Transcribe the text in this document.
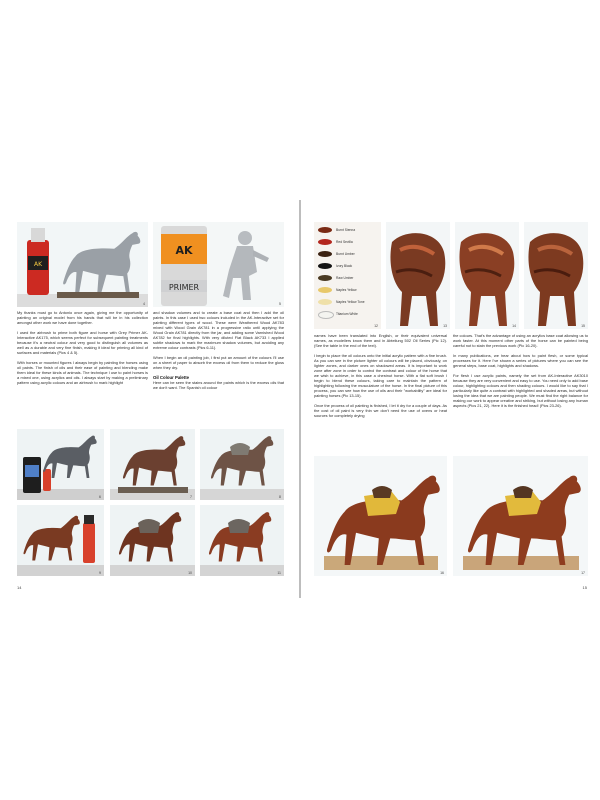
AK
4
AK
PRIMER
5

My thanks must go to Antonio once again, giving me the opportunity of painting an original model from his hands that will be in his collection amongst other work we have done together.

I used the airbrush to prime both figure and horse with Grey Primer AK-Interactive AK175, which seems perfect for subsequent painting treatments because it's a neutral colour and very good to distinguish all volumes as well as a durable and very fine finish, making it ideal for priming all kind of surfaces and materials (Pics 4 & 5).

With horses or mounted figures I always begin by painting the horses using oil paints. The finish of oils and their ease of painting and blending make them ideal for these kinds of animals. The technique I use to paint horses is a mixed one, using acrylics and oils. I always start by making a preliminary pattern using acrylic colours and an airbrush to mark highlight

and shadow volumes and to create a base coat and then I add the oil paints. In this case I used two colours included in the AK-Interactive set for painting different types of wood. These were Weathered Wood AK783 mixed with Wood Grain AK781 in a progressive ratio until applying the Wood Grain AK781 directly from the jar, and adding some Varnished Wood AK782 for final highlights. With very diluted Flat Black AK733 I applied subtle shadows to mark the maximum shadow volumes, but avoiding any extreme colour contrasts (Pics 6-11).

When I begin an oil painting job, I first put an amount of the colours I'll use on a sheet of paper to absorb the excess oil from them to reduce the gloss when they dry.

Oil Colour Palette

Here can be seen the stains around the paints which is the excess oils that we don't want. The Spanish oil colour

6	7	8
9	10	11
14
Burnt Sienna
Red Sevilla
Burnt Umber
Ivory Black
Raw Umber
Naples Yellow
Naples Yellow Tone
Titanium White
12	13	14	15

names have been translated into English, or their equivalent universal names, as modellers know them and in Abteilung 502 Oil Series (Pic 12). (See the table in the end of the text).

I begin to place the oil colours onto the initial acrylic pattern with a fine brush. As you can see in the picture lighter oil colours will be placed, obviously, on lighter zones, and darker ones on shadowed areas. It is important to work zone after zone in order to control the contrast and colour of the horse that we wish to achieve, in this case a chestnut horse. With a flat soft brush I begin to blend these colours, taking care to maintain the pattern of highlighting following the musculature of the horse. In the final picture of this process, you can see how the use of oils and their "workability" are ideal for painting horses (Pic 13-15).

Once the process of oil painting is finished, I let it dry for a couple of days. As the cost of oil paint is very thin we don't need the use of ovens or heat sources for completely drying

the colours. That's the advantage of using an acrylics base coat allowing us to work faster. At this moment other parts of the horse can be painted being careful not to stain the previous work (Pic 16-20).

In many publications, we hear about how to paint flesh, or some typical processes for it. Here I've shown a series of pictures where you can see the general steps, base coat, highlights and shadows.

For flesh I use acrylic paints, namely the set from AK-Interactive AK3010 because they are very convenient and easy to use. You need only to add base colour, highlighting colours and then shading colours. I would like to say that I particularly like quite a contrast with highlighted and shaded areas, but without losing the idea that we are painting people. We must find the right balance for making our work to appear creative and striking, but without losing any human aspects (Pics 21, 22). Here it is the finished head! (Pics 23-26).

16	17
15
